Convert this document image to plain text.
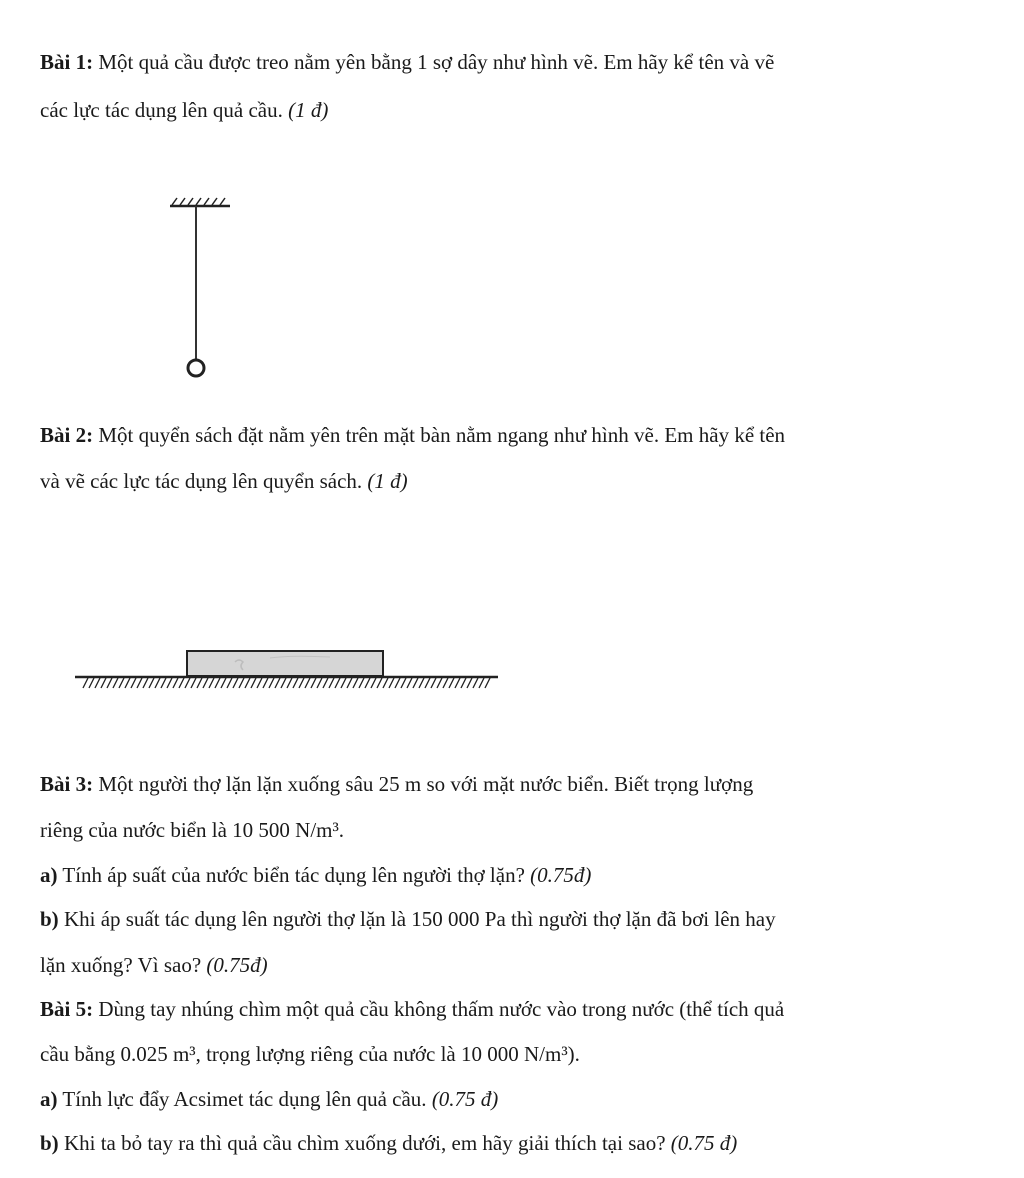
Bài 1: Một quả cầu được treo nằm yên bằng 1 sợ dây như hình vẽ. Em hãy kể tên và vẽ
các lực tác dụng lên quả cầu. (1 đ)
Bài 2: Một quyển sách đặt nằm yên trên mặt bàn nằm ngang như hình vẽ. Em hãy kể tên
và vẽ các lực tác dụng lên quyển sách. (1 đ)
Bài 3: Một người thợ lặn lặn xuống sâu 25 m so với mặt nước biển. Biết trọng lượng
riêng của nước biển là 10 500 N/m³.
a) Tính áp suất của nước biển tác dụng lên người thợ lặn? (0.75đ)
b) Khi áp suất tác dụng lên người thợ lặn là 150 000 Pa thì người thợ lặn đã bơi lên hay
lặn xuống? Vì sao? (0.75đ)
Bài 5: Dùng tay nhúng chìm một quả cầu không thấm nước vào trong nước (thể tích quả
cầu bằng 0.025 m³, trọng lượng riêng của nước là 10 000 N/m³).
a) Tính lực đẩy Acsimet tác dụng lên quả cầu. (0.75 đ)
b) Khi ta bỏ tay ra thì quả cầu chìm xuống dưới, em hãy giải thích tại sao? (0.75 đ)
